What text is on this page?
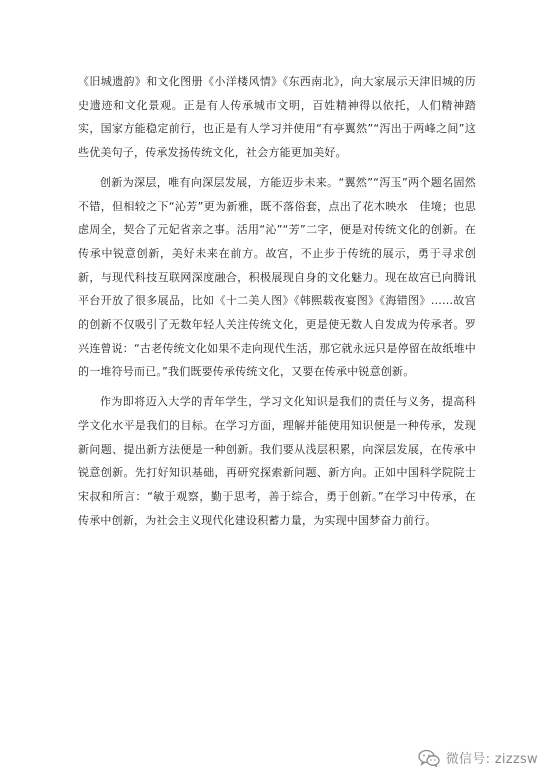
《旧城遗韵》和文化图册《小洋楼风情》《东西南北》，向大家展示天津旧城的历史遗迹和文化景观。正是有人传承城市文明，百姓精神得以依托，人们精神踏实，国家方能稳定前行，也正是有人学习并使用“有亭翼然”“泻出于两峰之间”这些优美句子，传承发扬传统文化，社会方能更加美好。

创新为深层，唯有向深层发展，方能迈步未来。“翼然”“泻玉”两个题名固然不错，但相较之下“沁芳”更为新雅，既不落俗套，点出了花木映水　佳境；也思虑周全，契合了元妃省亲之事。活用“沁”“芳”二字，便是对传统文化的创新。在传承中锐意创新，美好未来在前方。故宫，不止步于传统的展示，勇于寻求创新，与现代科技互联网深度融合，积极展现自身的文化魅力。现在故宫已向腾讯平台开放了很多展品，比如《十二美人图》《韩熙载夜宴图》《海错图》……故宫的创新不仅吸引了无数年轻人关注传统文化，更是使无数人自发成为传承者。罗兴连曾说：“古老传统文化如果不走向现代生活，那它就永远只是停留在故纸堆中的一堆符号而已。”我们既要传承传统文化，又要在传承中锐意创新。

作为即将迈入大学的青年学生，学习文化知识是我们的责任与义务，提高科学文化水平是我们的目标。在学习方面，理解并能使用知识便是一种传承，发现新问题、提出新方法便是一种创新。我们要从浅层积累，向深层发展，在传承中锐意创新。先打好知识基础，再研究探索新问题、新方向。正如中国科学院院士宋叔和所言：“敏于观察，勤于思考，善于综合，勇于创新。”在学习中传承，在传承中创新，为社会主义现代化建设积蓄力量，为实现中国梦奋力前行。

微信号: zizzsw
